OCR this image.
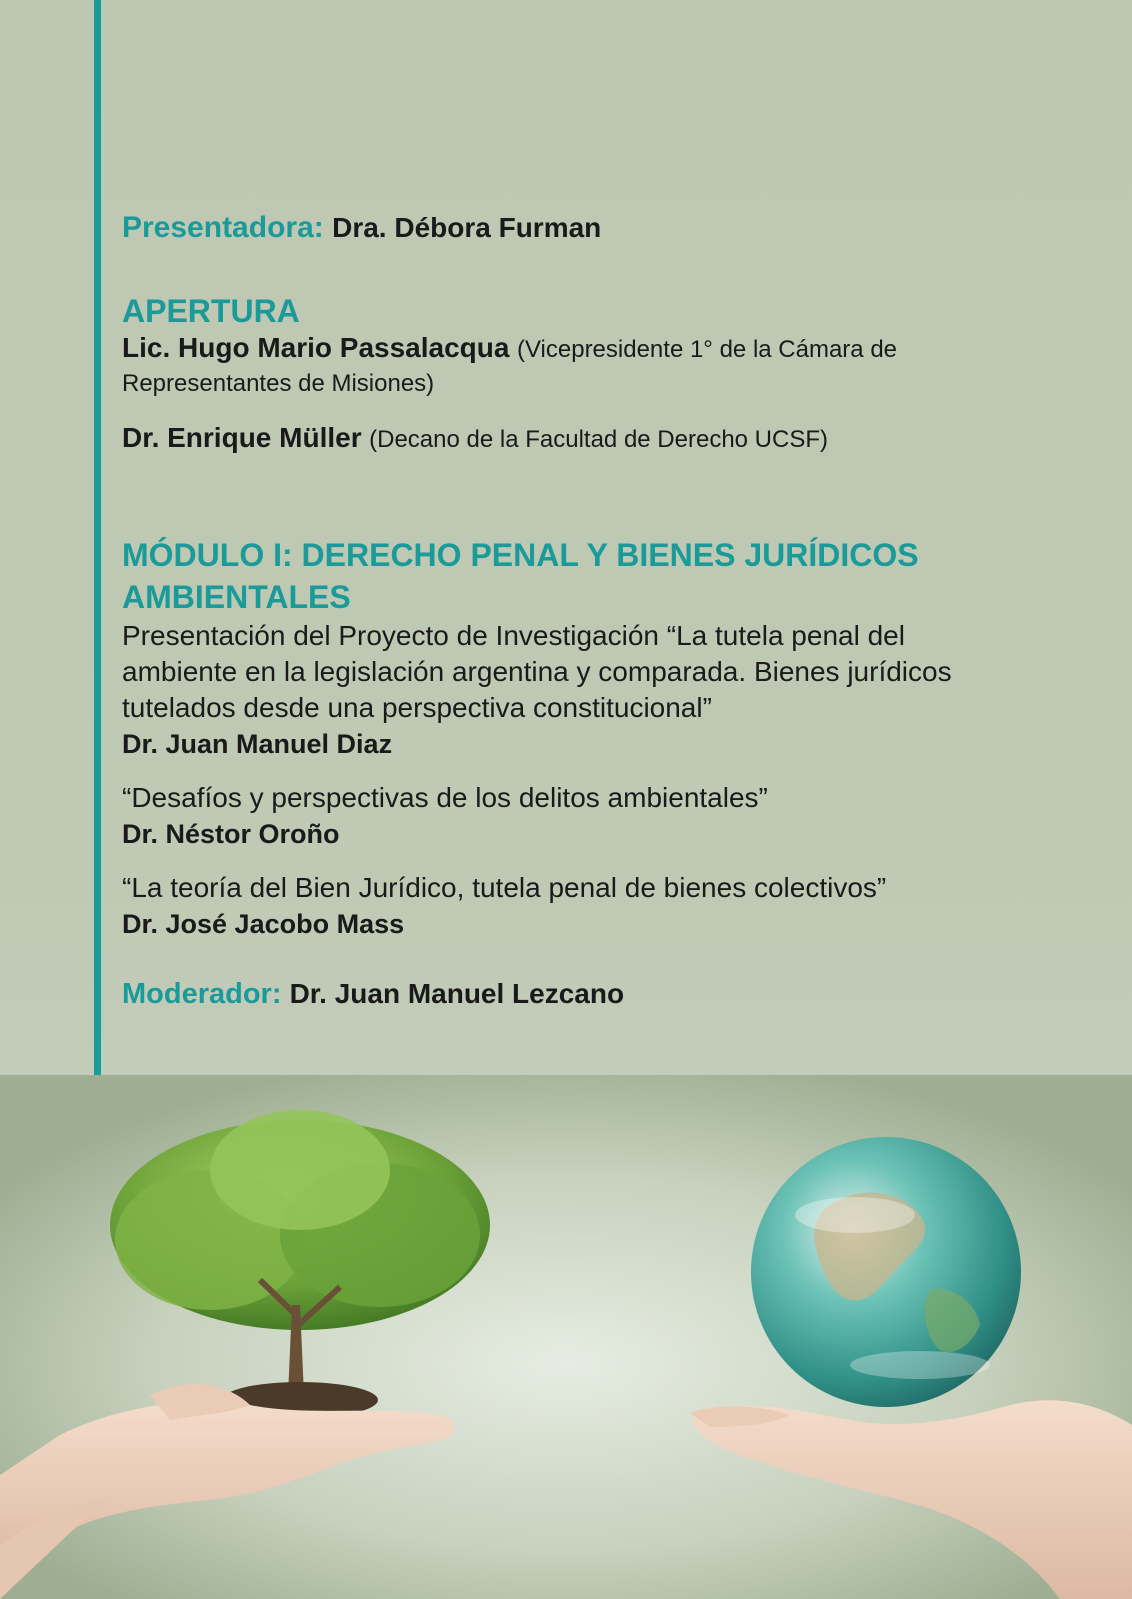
Presentadora: Dra. Débora Furman
APERTURA
Lic. Hugo Mario Passalacqua (Vicepresidente 1° de la Cámara de Representantes de Misiones)
Dr. Enrique Müller (Decano de la Facultad de Derecho UCSF)
MÓDULO I: DERECHO PENAL Y BIENES JURÍDICOS
AMBIENTALES
Presentación del Proyecto de Investigación “La tutela penal del ambiente en la legislación argentina y comparada. Bienes jurídicos tutelados desde una perspectiva constitucional”
Dr. Juan Manuel Diaz
“Desafíos y perspectivas de los delitos ambientales”
Dr. Néstor Oroño
“La teoría del Bien Jurídico, tutela penal de bienes colectivos”
Dr. José Jacobo Mass
Moderador: Dr. Juan Manuel Lezcano
